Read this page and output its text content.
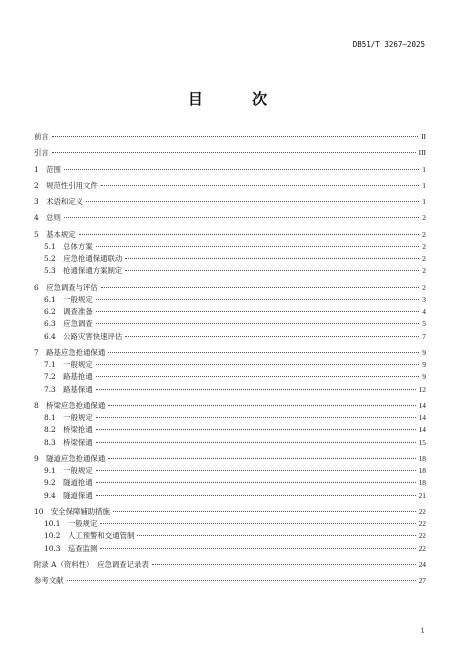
DB51/T 3267—2025
目 次
前言	II
引言	III
1　范围	1
2　规范性引用文件	1
3　术语和定义	1
4　总则	2
5　基本规定	2
5.1　总体方案	2
5.2　应急抢通保通联动	2
5.3　抢通保通方案制定	2
6　应急调查与评估	2
6.1　一般规定	3
6.2　调查准备	4
6.3　应急调查	5
6.4　公路灾害快速评估	7
7　路基应急抢通保通	9
7.1　一般规定	9
7.2　路基抢通	9
7.3　路基保通	12
8　桥梁应急抢通保通	14
8.1　一般规定	14
8.2　桥梁抢通	14
8.3　桥梁保通	15
9　隧道应急抢通保通	18
9.1　一般规定	18
9.2　隧道抢通	18
9.4　隧道保通	21
10　安全保障辅助措施	22
10.1　一般规定	22
10.2　人工预警和交通管制	22
10.3　巡查监测	22
附录 A（资料性）　应急调查记录表	24
参考文献	27
1
